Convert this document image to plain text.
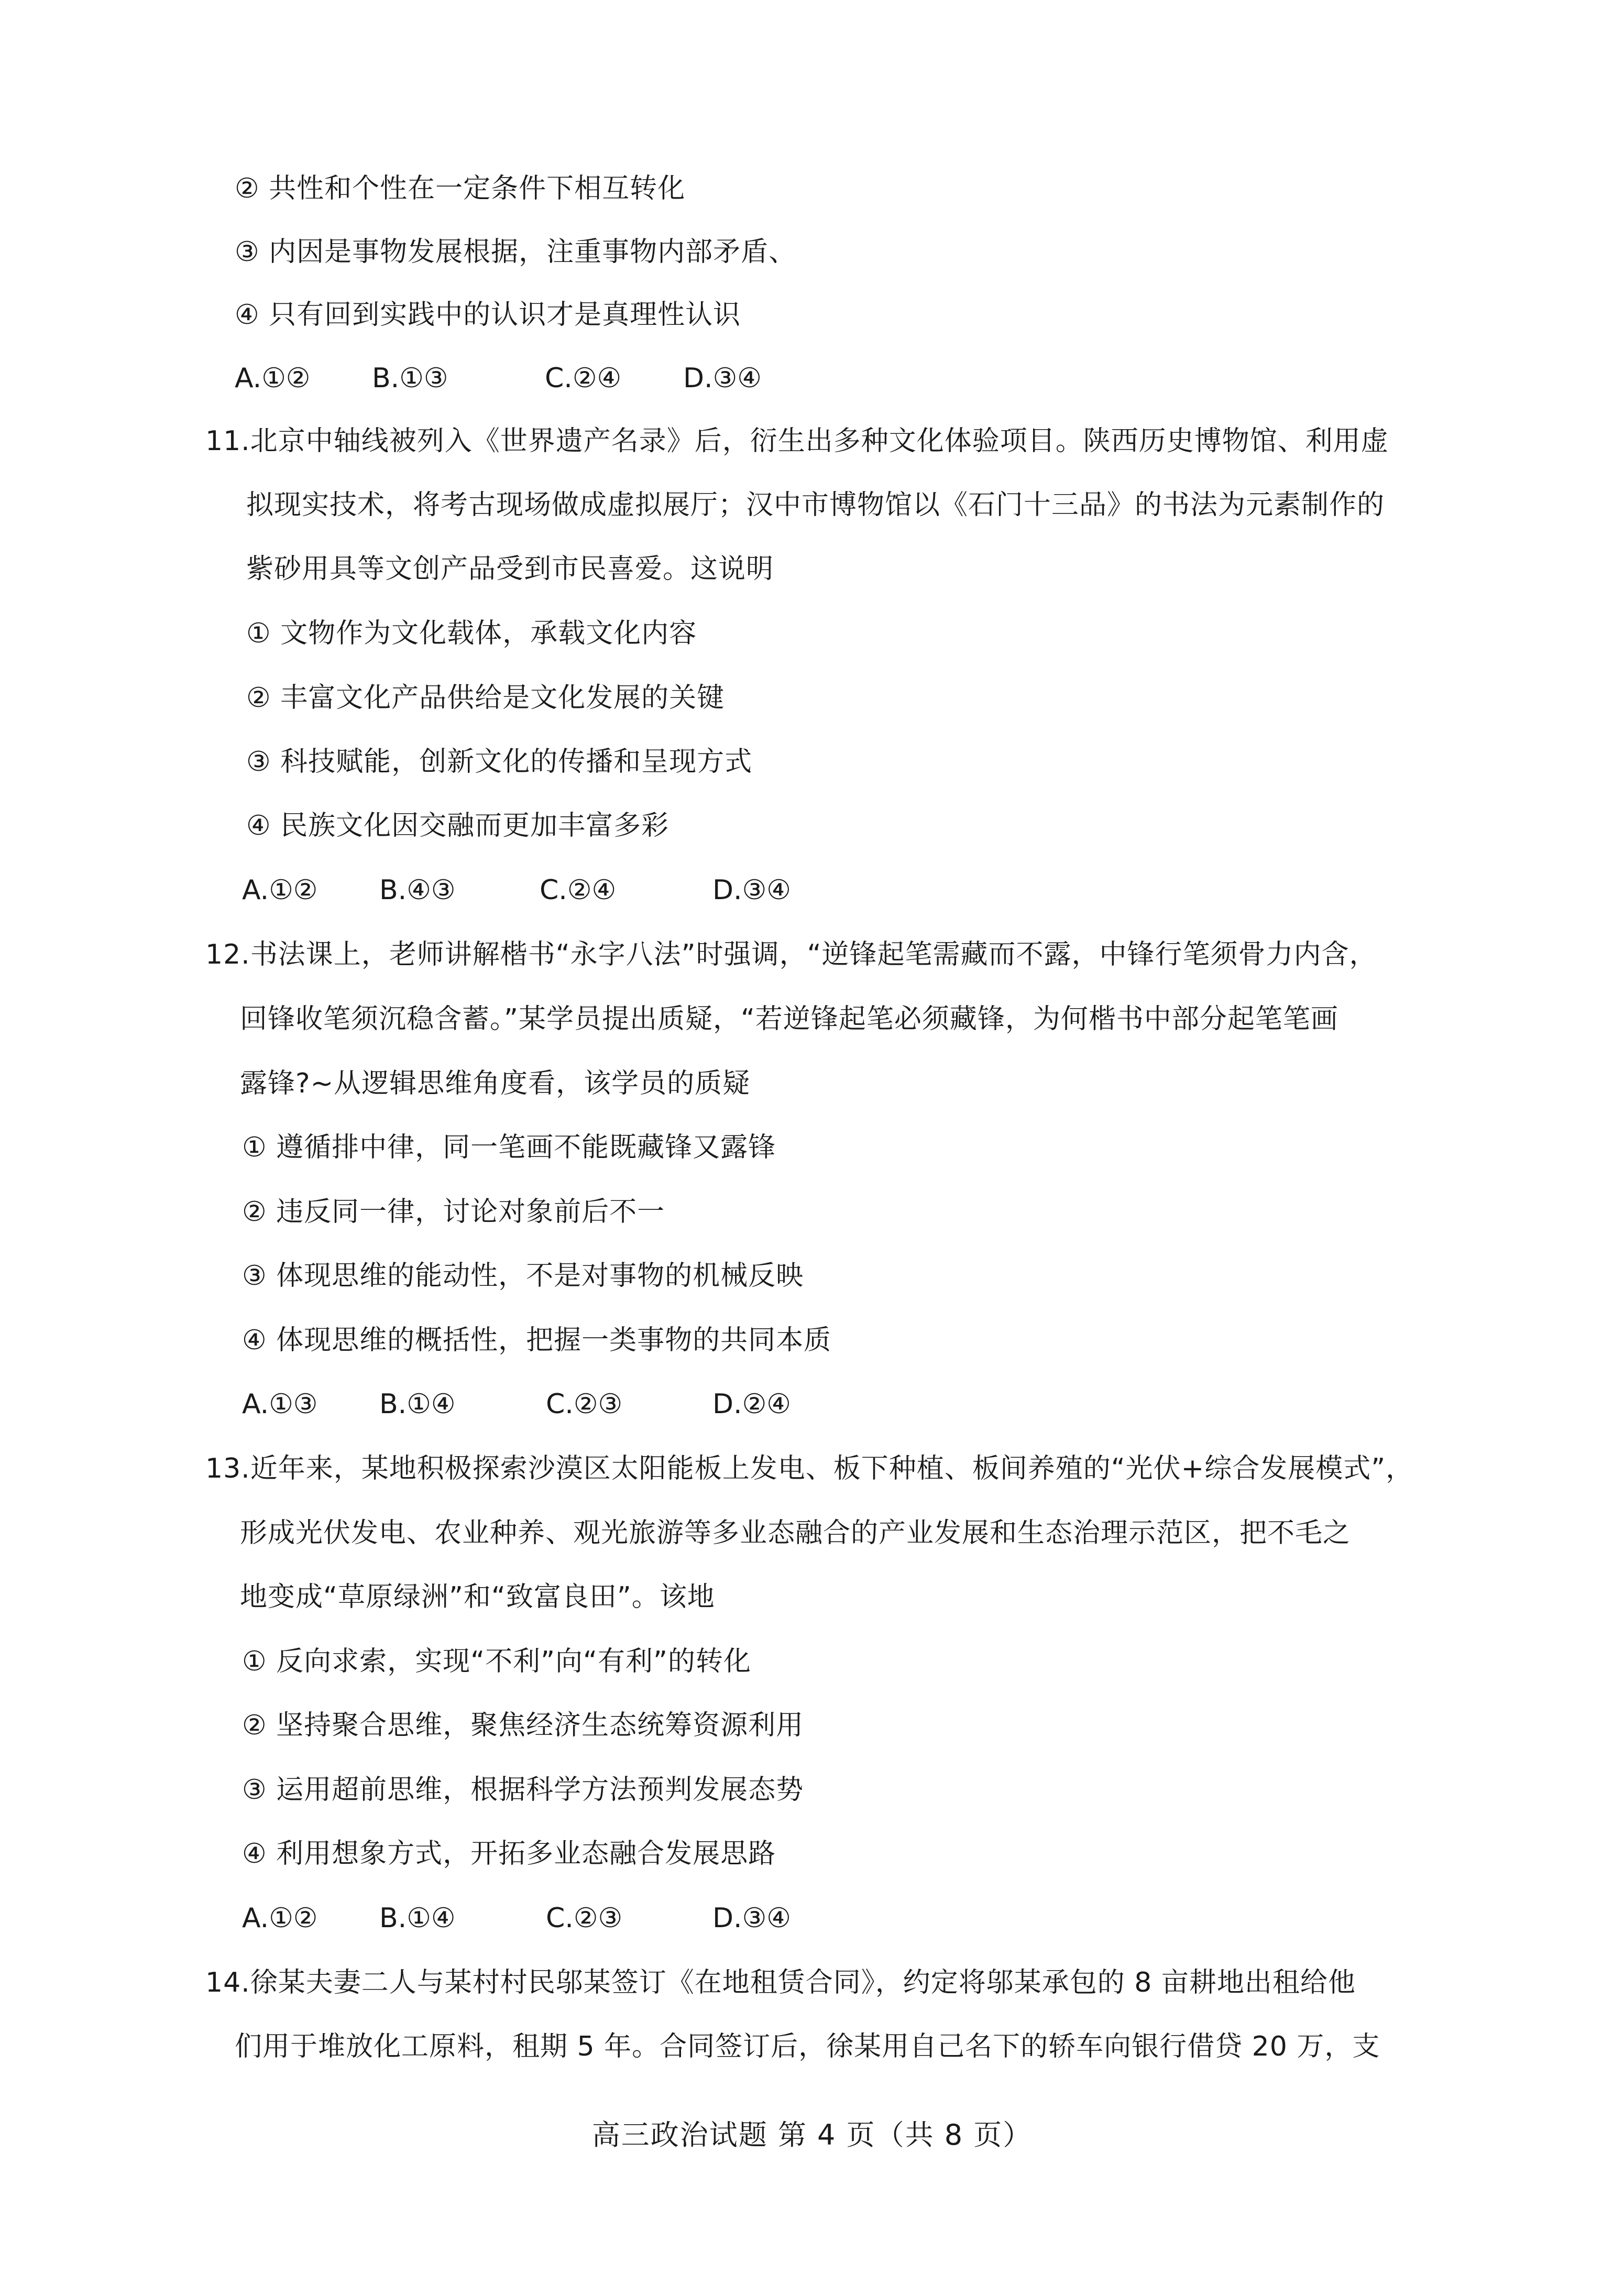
② 共性和个性在一定条件下相互转化
③ 内因是事物发展根据，注重事物内部矛盾、
④ 只有回到实践中的认识才是真理性认识
A.①② B.①③	C.②④ D.③④
11.北京中轴线被列入《世界遗产名录》后，衍生出多种文化体验项目。陕西历史博物馆、利用虚
拟现实技术，将考古现场做成虚拟展厅；汉中市博物馆以《石门十三品》的书法为元素制作的
紫砂用具等文创产品受到市民喜爱。这说明
① 文物作为文化载体，承载文化内容
② 丰富文化产品供给是文化发展的关键
③ 科技赋能，创新文化的传播和呈现方式
④ 民族文化因交融而更加丰富多彩
A.①② B.④③	C.②④	D.③④
12.书法课上，老师讲解楷书“永字八法”时强调，“逆锋起笔需藏而不露，中锋行笔须骨力内含，
回锋收笔须沉稳含蓄。”某学员提出质疑，“若逆锋起笔必须藏锋，为何楷书中部分起笔笔画
露锋?~从逻辑思维角度看，该学员的质疑
① 遵循排中律，同一笔画不能既藏锋又露锋
② 违反同一律，讨论对象前后不一
③ 体现思维的能动性，不是对事物的机械反映
④ 体现思维的概括性，把握一类事物的共同本质
A.①③ B.①④	C.②③	D.②④
13.近年来，某地积极探索沙漠区太阳能板上发电、板下种植、板间养殖的“光伏+综合发展模式”，
形成光伏发电、农业种养、观光旅游等多业态融合的产业发展和生态治理示范区，把不毛之
地变成“草原绿洲”和“致富良田”。该地
① 反向求索，实现“不利”向“有利”的转化
② 坚持聚合思维，聚焦经济生态统筹资源利用
③ 运用超前思维，根据科学方法预判发展态势
④ 利用想象方式，开拓多业态融合发展思路
A.①② B.①④	C.②③	D.③④
14.徐某夫妻二人与某村村民邬某签订《在地租赁合同》，约定将邬某承包的 8 亩耕地出租给他
们用于堆放化工原料，租期 5 年。合同签订后，徐某用自己名下的轿车向银行借贷 20 万，支
高三政治试题 第 4 页（共 8 页）
